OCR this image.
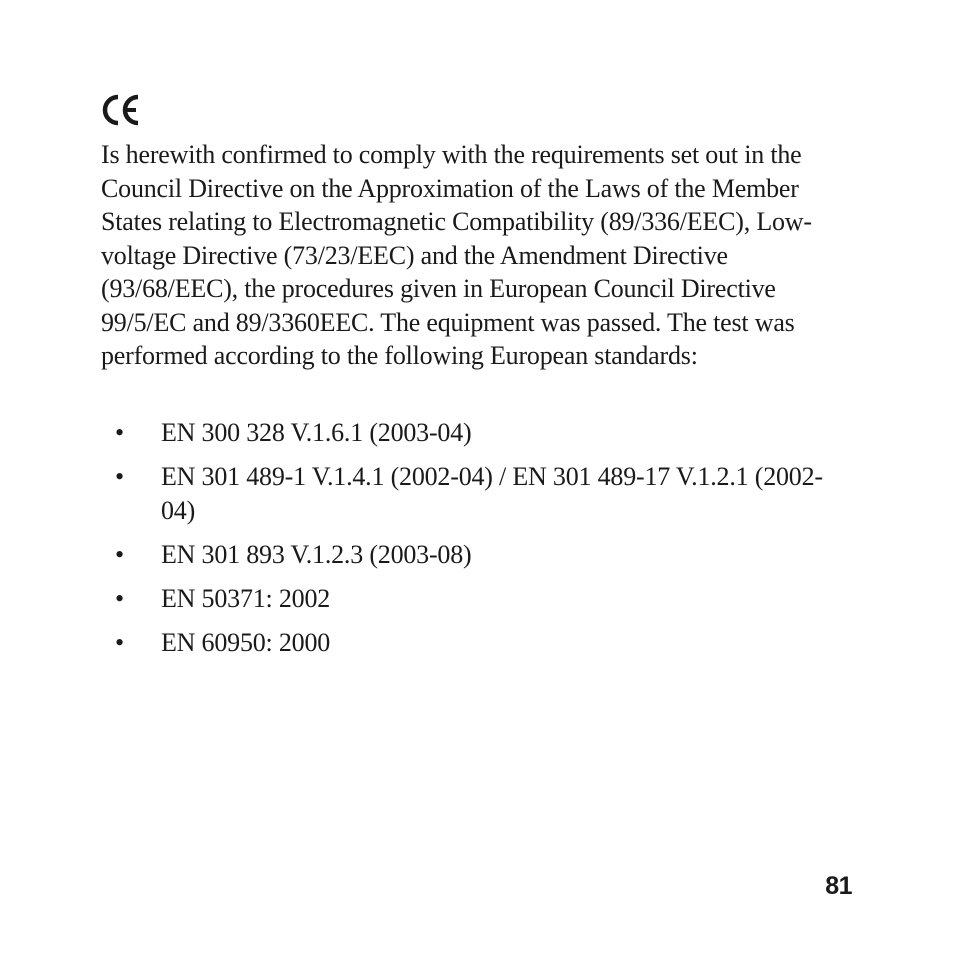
Is herewith confirmed to comply with the requirements set out in the Council Directive on the Approximation of the Laws of the Member States relating to Electromagnetic Compatibility (89/336/EEC), Low-voltage Directive (73/23/EEC) and the Amendment Directive (93/68/EEC), the procedures given in European Council Directive 99/5/EC and 89/3360EEC. The equipment was passed. The test was performed according to the following European standards:

• EN 300 328 V.1.6.1 (2003-04)
• EN 301 489-1 V.1.4.1 (2002-04) / EN 301 489-17 V.1.2.1 (2002-04)
• EN 301 893 V.1.2.3 (2003-08)
• EN 50371: 2002
• EN 60950: 2000
81
